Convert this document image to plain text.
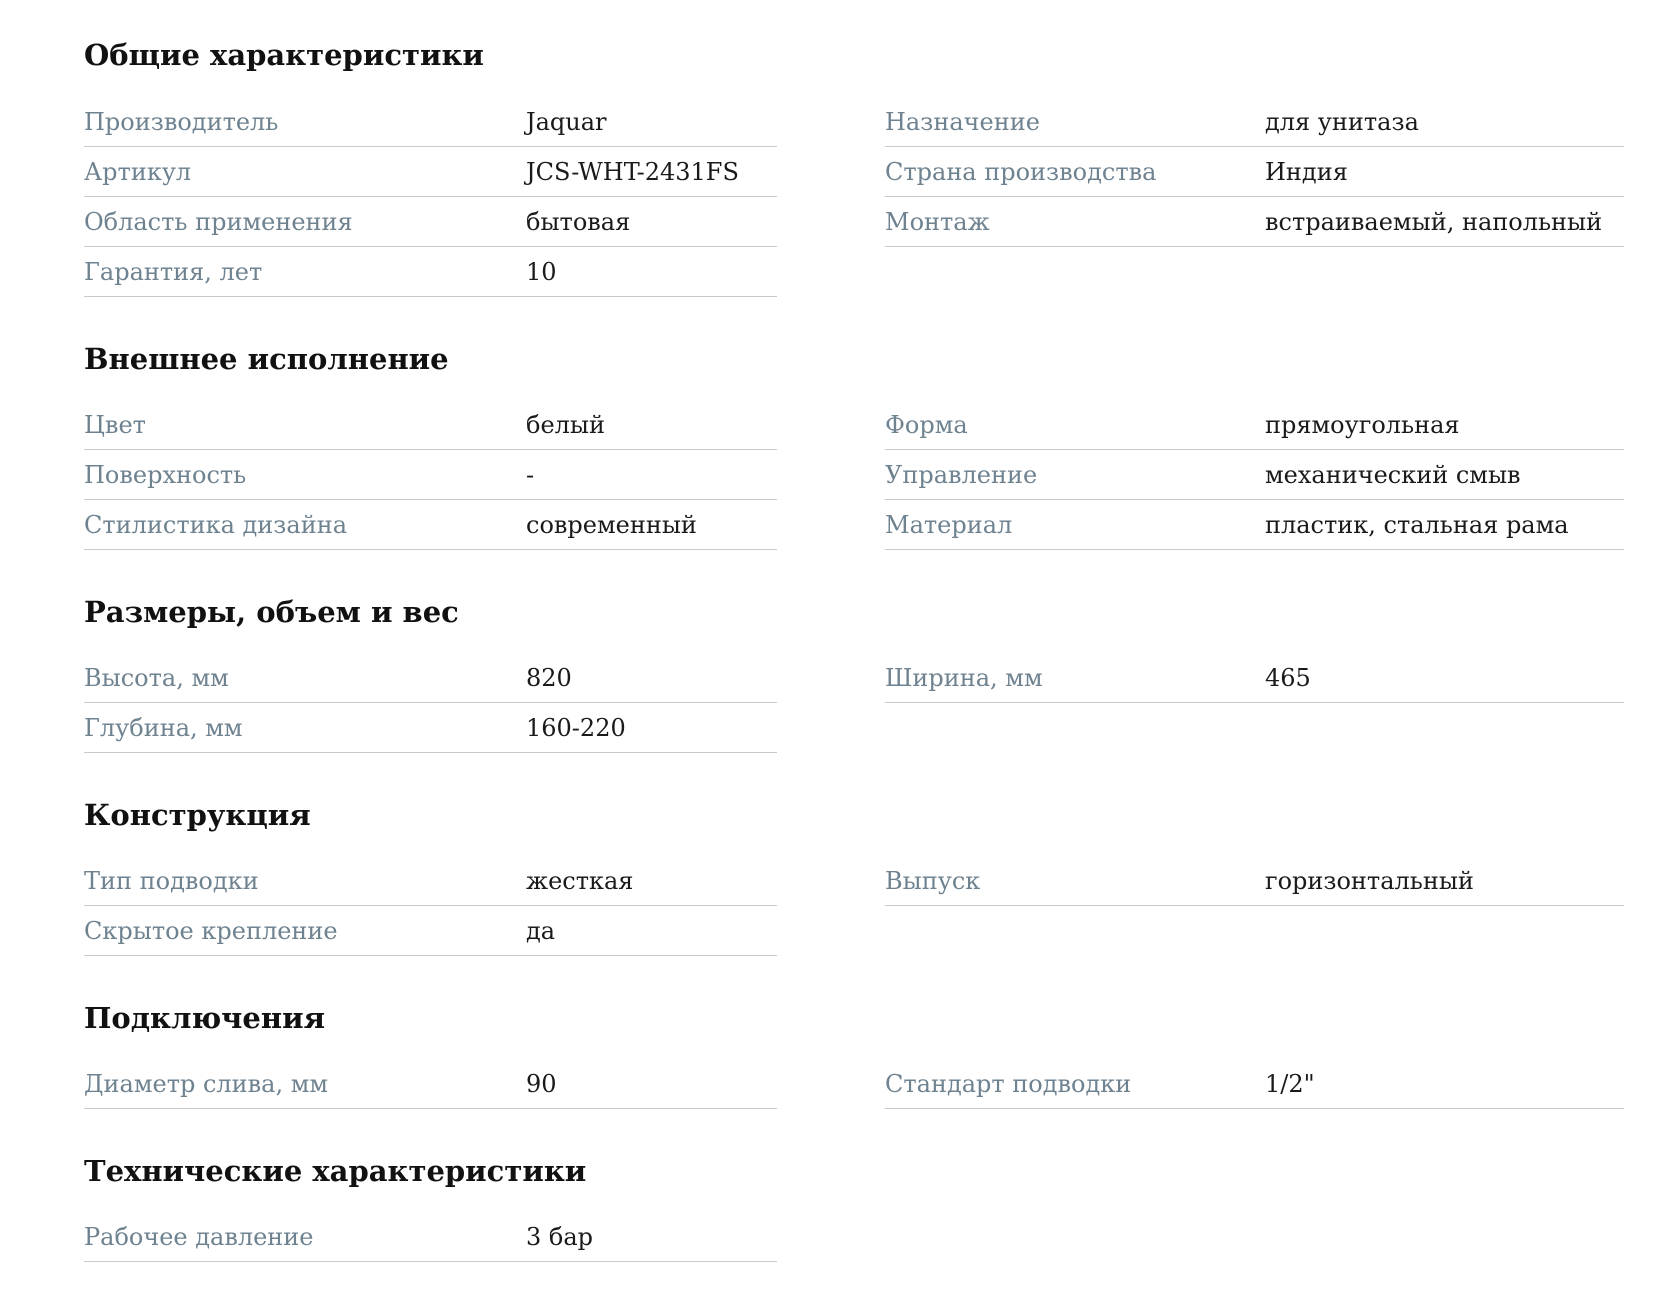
Общие характеристики
Производитель	Jaquar
Артикул	JCS-WHT-2431FS
Область применения	бытовая
Гарантия, лет	10
Назначение	для унитаза
Страна производства	Индия
Монтаж	встраиваемый, напольный
Внешнее исполнение
Цвет	белый
Поверхность	-
Стилистика дизайна	современный
Форма	прямоугольная
Управление	механический смыв
Материал	пластик, стальная рама
Размеры, объем и вес
Высота, мм	820
Глубина, мм	160-220
Ширина, мм	465
Конструкция
Тип подводки	жесткая
Скрытое крепление	да
Выпуск	горизонтальный
Подключения
Диаметр слива, мм	90	Стандарт подводки	1/2"
Технические характеристики
Рабочее давление	3 бар
